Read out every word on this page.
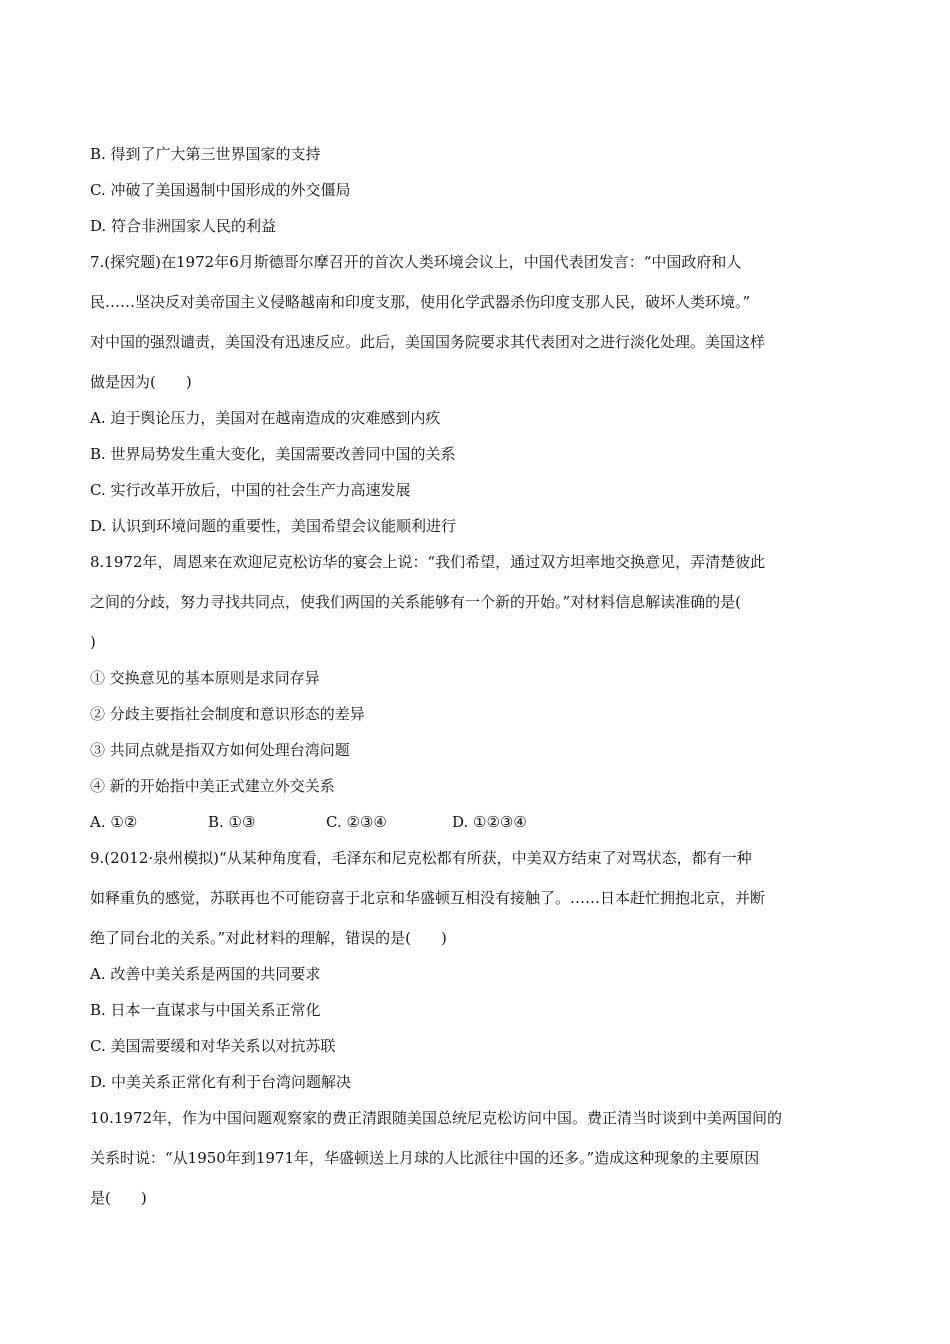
B. 得到了广大第三世界国家的支持

C. 冲破了美国遏制中国形成的外交僵局

D. 符合非洲国家人民的利益

7.(探究题)在1972年6月斯德哥尔摩召开的首次人类环境会议上，中国代表团发言：“中国政府和人

民……坚决反对美帝国主义侵略越南和印度支那，使用化学武器杀伤印度支那人民，破坏人类环境。”

对中国的强烈谴责，美国没有迅速反应。此后，美国国务院要求其代表团对之进行淡化处理。美国这样

做是因为(　　)

A. 迫于舆论压力，美国对在越南造成的灾难感到内疚

B. 世界局势发生重大变化，美国需要改善同中国的关系

C. 实行改革开放后，中国的社会生产力高速发展

D. 认识到环境问题的重要性，美国希望会议能顺利进行

8.1972年，周恩来在欢迎尼克松访华的宴会上说：“我们希望，通过双方坦率地交换意见，弄清楚彼此

之间的分歧，努力寻找共同点，使我们两国的关系能够有一个新的开始。”对材料信息解读准确的是(

)

① 交换意见的基本原则是求同存异

② 分歧主要指社会制度和意识形态的差异

③ 共同点就是指双方如何处理台湾问题

④ 新的开始指中美正式建立外交关系

A. ①②	B. ①③	C. ②③④	D. ①②③④

9.(2012·泉州模拟)“从某种角度看，毛泽东和尼克松都有所获，中美双方结束了对骂状态，都有一种

如释重负的感觉，苏联再也不可能窃喜于北京和华盛顿互相没有接触了。……日本赶忙拥抱北京，并断

绝了同台北的关系。”对此材料的理解，错误的是(　　)

A. 改善中美关系是两国的共同要求

B. 日本一直谋求与中国关系正常化

C. 美国需要缓和对华关系以对抗苏联

D. 中美关系正常化有利于台湾问题解决

10.1972年，作为中国问题观察家的费正清跟随美国总统尼克松访问中国。费正清当时谈到中美两国间的

关系时说：“从1950年到1971年，华盛顿送上月球的人比派往中国的还多。”造成这种现象的主要原因

是(　　)
